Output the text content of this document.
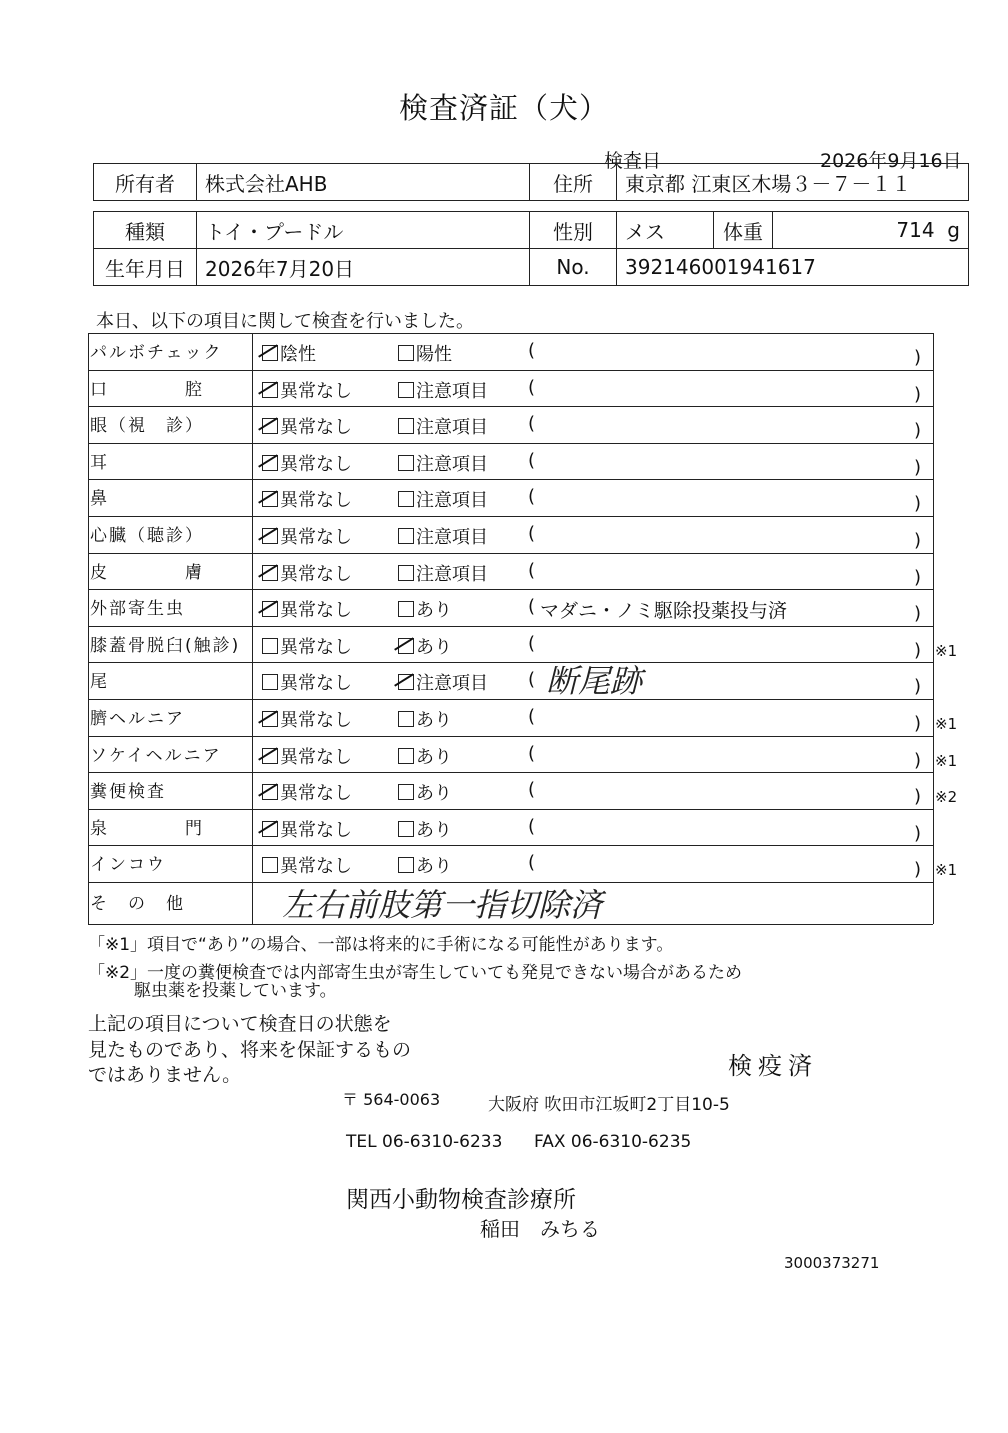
検査済証（犬）
検査日	2026年9月16日
所有者	株式会社AHB	住所	東京都 江東区木場３－７－１１
種類	トイ・プードル	性別	メス	体重	714 g
生年月日	2026年7月20日	No.	392146001941617		
本日、以下の項目に関して検査を行いました。
パルボチェック	陰性	陽性	(	)
口　　　　腔	異常なし	注意項目 (	)
眼（視　診）	異常なし	注意項目 (	)
耳	異常なし	注意項目 (	)
鼻	異常なし	注意項目 (	)
心臓（聴診）	異常なし	注意項目 (	)
皮　　　　膚	異常なし	注意項目 (	)
外部寄生虫	異常なし	あり	( マダニ・ノミ駆除投薬投与済	)
膝蓋骨脱臼(触診)	異常なし	あり	(	) ※1
尾	異常なし	注意項目 ( 断尾跡	)
臍ヘルニア	異常なし	あり	(	) ※1
ソケイヘルニア	異常なし	あり	(	) ※1
糞便検査	異常なし	あり	(	) ※2
泉　　　　門	異常なし	あり	(	)
インコウ	異常なし	あり	(	) ※1
そ　の　他	左右前肢第一指切除済
「※1」項目で“あり”の場合、一部は将来的に手術になる可能性があります。
「※2」一度の糞便検査では内部寄生虫が寄生していても発見できない場合があるため
駆虫薬を投薬しています。
上記の項目について検査日の状態を
見たものであり、将来を保証するもの
ではありません。	検疫済
〒 564-0063	大阪府 吹田市江坂町2丁目10-5
TEL 06-6310-6233 FAX 06-6310-6235
関西小動物検査診療所
稲田　みちる
3000373271
